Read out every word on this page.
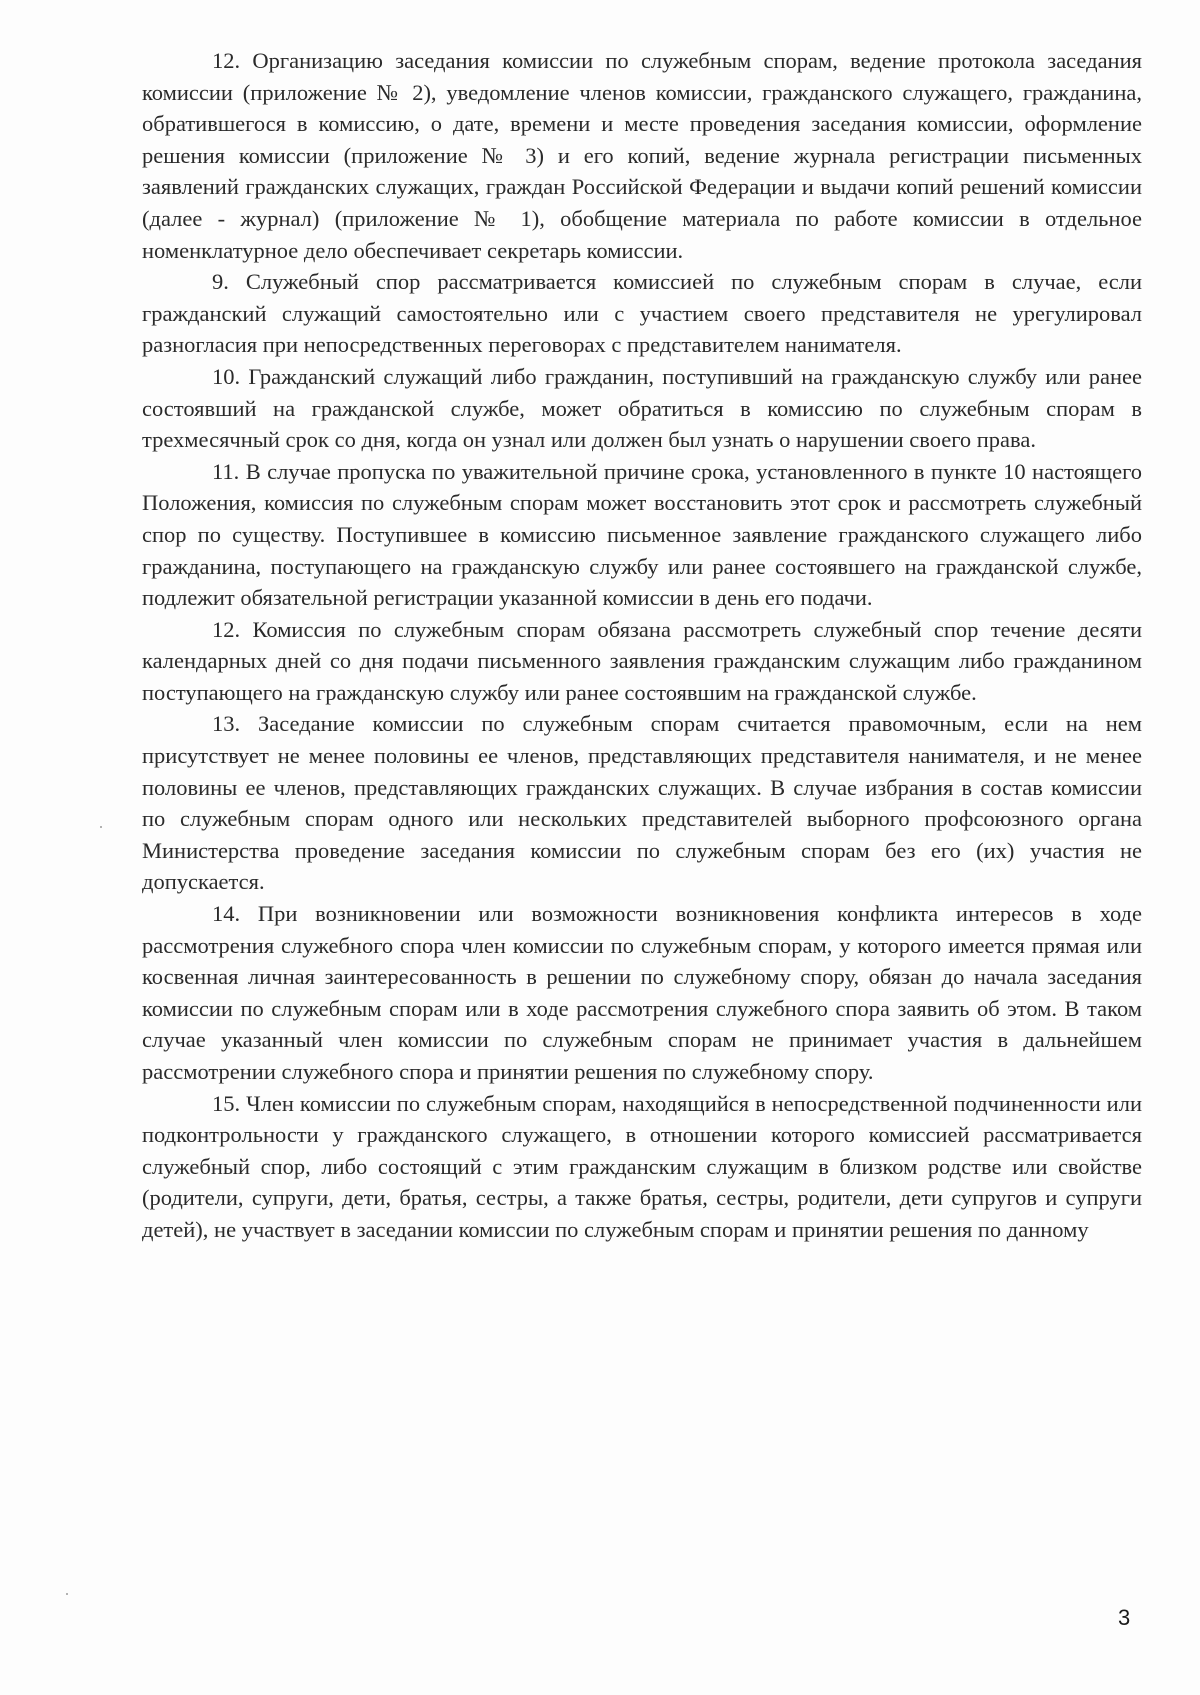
12. Организацию заседания комиссии по служебным спорам, ведение протокола заседания комиссии (приложение № 2), уведомление членов комиссии, гражданского служащего, гражданина, обратившегося в комиссию, о дате, времени и месте проведения заседания комиссии, оформление решения комиссии (приложение № 3) и его копий, ведение журнала регистрации письменных заявлений гражданских служащих, граждан Российской Федерации и выдачи копий решений комиссии (далее - журнал) (приложение № 1), обобщение материала по работе комиссии в отдельное номенклатурное дело обеспечивает секретарь комиссии.

9. Служебный спор рассматривается комиссией по служебным спорам в случае, если гражданский служащий самостоятельно или с участием своего представителя не урегулировал разногласия при непосредственных переговорах с представителем нанимателя.

10. Гражданский служащий либо гражданин, поступивший на гражданскую службу или ранее состоявший на гражданской службе, может обратиться в комиссию по служебным спорам в трехмесячный срок со дня, когда он узнал или должен был узнать о нарушении своего права.

11. В случае пропуска по уважительной причине срока, установленного в пункте 10 настоящего Положения, комиссия по служебным спорам может восстановить этот срок и рассмотреть служебный спор по существу. Поступившее в комиссию письменное заявление гражданского служащего либо гражданина, поступающего на гражданскую службу или ранее состоявшего на гражданской службе, подлежит обязательной регистрации указанной комиссии в день его подачи.

12. Комиссия по служебным спорам обязана рассмотреть служебный спор течение десяти календарных дней со дня подачи письменного заявления гражданским служащим либо гражданином поступающего на гражданскую службу или ранее состоявшим на гражданской службе.

13. Заседание комиссии по служебным спорам считается правомочным, если на нем присутствует не менее половины ее членов, представляющих представителя нанимателя, и не менее половины ее членов, представляющих гражданских служащих. В случае избрания в состав комиссии по служебным спорам одного или нескольких представителей выборного профсоюзного органа Министерства проведение заседания комиссии по служебным спорам без его (их) участия не допускается.

14. При возникновении или возможности возникновения конфликта интересов в ходе рассмотрения служебного спора член комиссии по служебным спорам, у которого имеется прямая или косвенная личная заинтересованность в решении по служебному спору, обязан до начала заседания комиссии по служебным спорам или в ходе рассмотрения служебного спора заявить об этом. В таком случае указанный член комиссии по служебным спорам не принимает участия в дальнейшем рассмотрении служебного спора и принятии решения по служебному спору.

15. Член комиссии по служебным спорам, находящийся в непосредственной подчиненности или подконтрольности у гражданского служащего, в отношении которого комиссией рассматривается служебный спор, либо состоящий с этим гражданским служащим в близком родстве или свойстве (родители, супруги, дети, братья, сестры, а также братья, сестры, родители, дети супругов и супруги детей), не участвует в заседании комиссии по служебным спорам и принятии решения по данному

3
